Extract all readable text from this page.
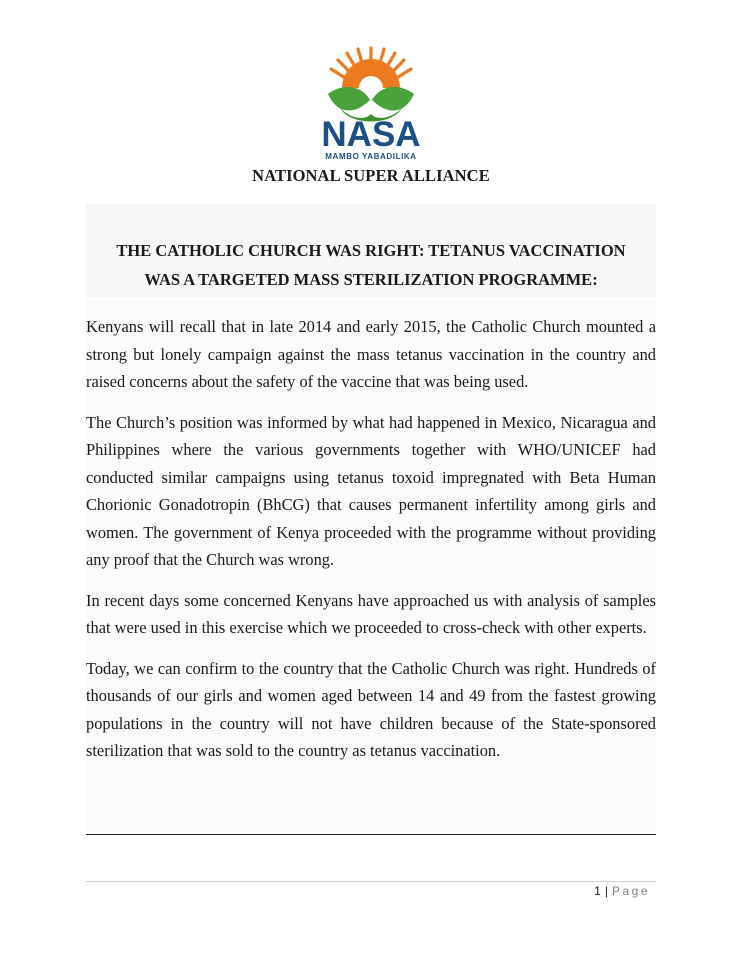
NASA
MAMBO YABADILIKA
NATIONAL SUPER ALLIANCE
THE CATHOLIC CHURCH WAS RIGHT: TETANUS VACCINATION
WAS A TARGETED MASS STERILIZATION PROGRAMME:

Kenyans will recall that in late 2014 and early 2015, the Catholic Church mounted a strong but lonely campaign against the mass tetanus vaccination in the country and raised concerns about the safety of the vaccine that was being used.

The Church’s position was informed by what had happened in Mexico, Nicaragua and Philippines where the various governments together with WHO/UNICEF had conducted similar campaigns using tetanus toxoid impregnated with Beta Human Chorionic Gonadotropin (BhCG) that causes permanent infertility among girls and women. The government of Kenya proceeded with the programme without providing any proof that the Church was wrong.

In recent days some concerned Kenyans have approached us with analysis of samples that were used in this exercise which we proceeded to cross-check with other experts.

Today, we can confirm to the country that the Catholic Church was right. Hundreds of thousands of our girls and women aged between 14 and 49 from the fastest growing populations in the country will not have children because of the State-sponsored sterilization that was sold to the country as tetanus vaccination.

1 | Page
